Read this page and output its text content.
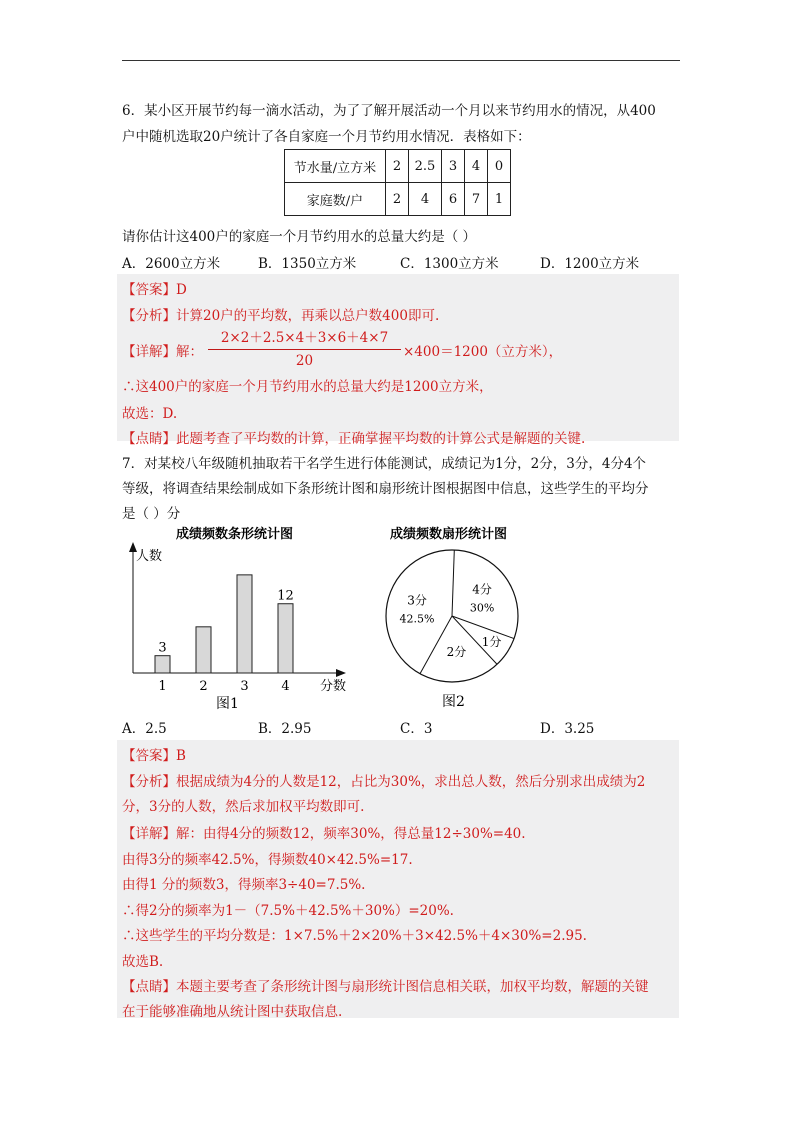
6．某小区开展节约每一滴水活动，为了了解开展活动一个月以来节约用水的情况，从400
户中随机选取20户统计了各自家庭一个月节约用水情况．表格如下：
节水量/立方米	2	2.5	3	4	0
家庭数/户	2	4	6	7	1
请你估计这400户的家庭一个月节约用水的总量大约是（ ）
A．2600立方米	B．1350立方米	C．1300立方米	D．1200立方米
【答案】D
【分析】计算20户的平均数，再乘以总户数400即可.
【详解】解：
2×2＋2.5×4＋3×6＋4×7
20
×400＝1200（立方米），
∴这400户的家庭一个月节约用水的总量大约是1200立方米，
故选：D.
【点睛】此题考查了平均数的计算，正确掌握平均数的计算公式是解题的关键.
7．对某校八年级随机抽取若干名学生进行体能测试，成绩记为1分，2分，3分，4分4个
等级，将调查结果绘制成如下条形统计图和扇形统计图根据图中信息，这些学生的平均分
是（ ）分
成绩频数条形统计图
人数
分数
1
3
2	3	4
12
图1
成绩频数扇形统计图
4分
30%
1分
2分
3分
42.5%
图2
A．2.5	B．2.95	C．3	D．3.25
【答案】B
【分析】根据成绩为4分的人数是12，占比为30%，求出总人数，然后分别求出成绩为2
分，3分的人数，然后求加权平均数即可.
【详解】解：由得4分的频数12，频率30%，得总量12÷30%=40.
由得3分的频率42.5%，得频数40×42.5%=17.
由得1 分的频数3，得频率3÷40=7.5%.
∴得2分的频率为1－（7.5%＋42.5%＋30%）=20%.
∴这些学生的平均分数是：1×7.5%＋2×20%＋3×42.5%＋4×30%=2.95.
故选B.
【点睛】本题主要考查了条形统计图与扇形统计图信息相关联，加权平均数，解题的关键
在于能够准确地从统计图中获取信息.
